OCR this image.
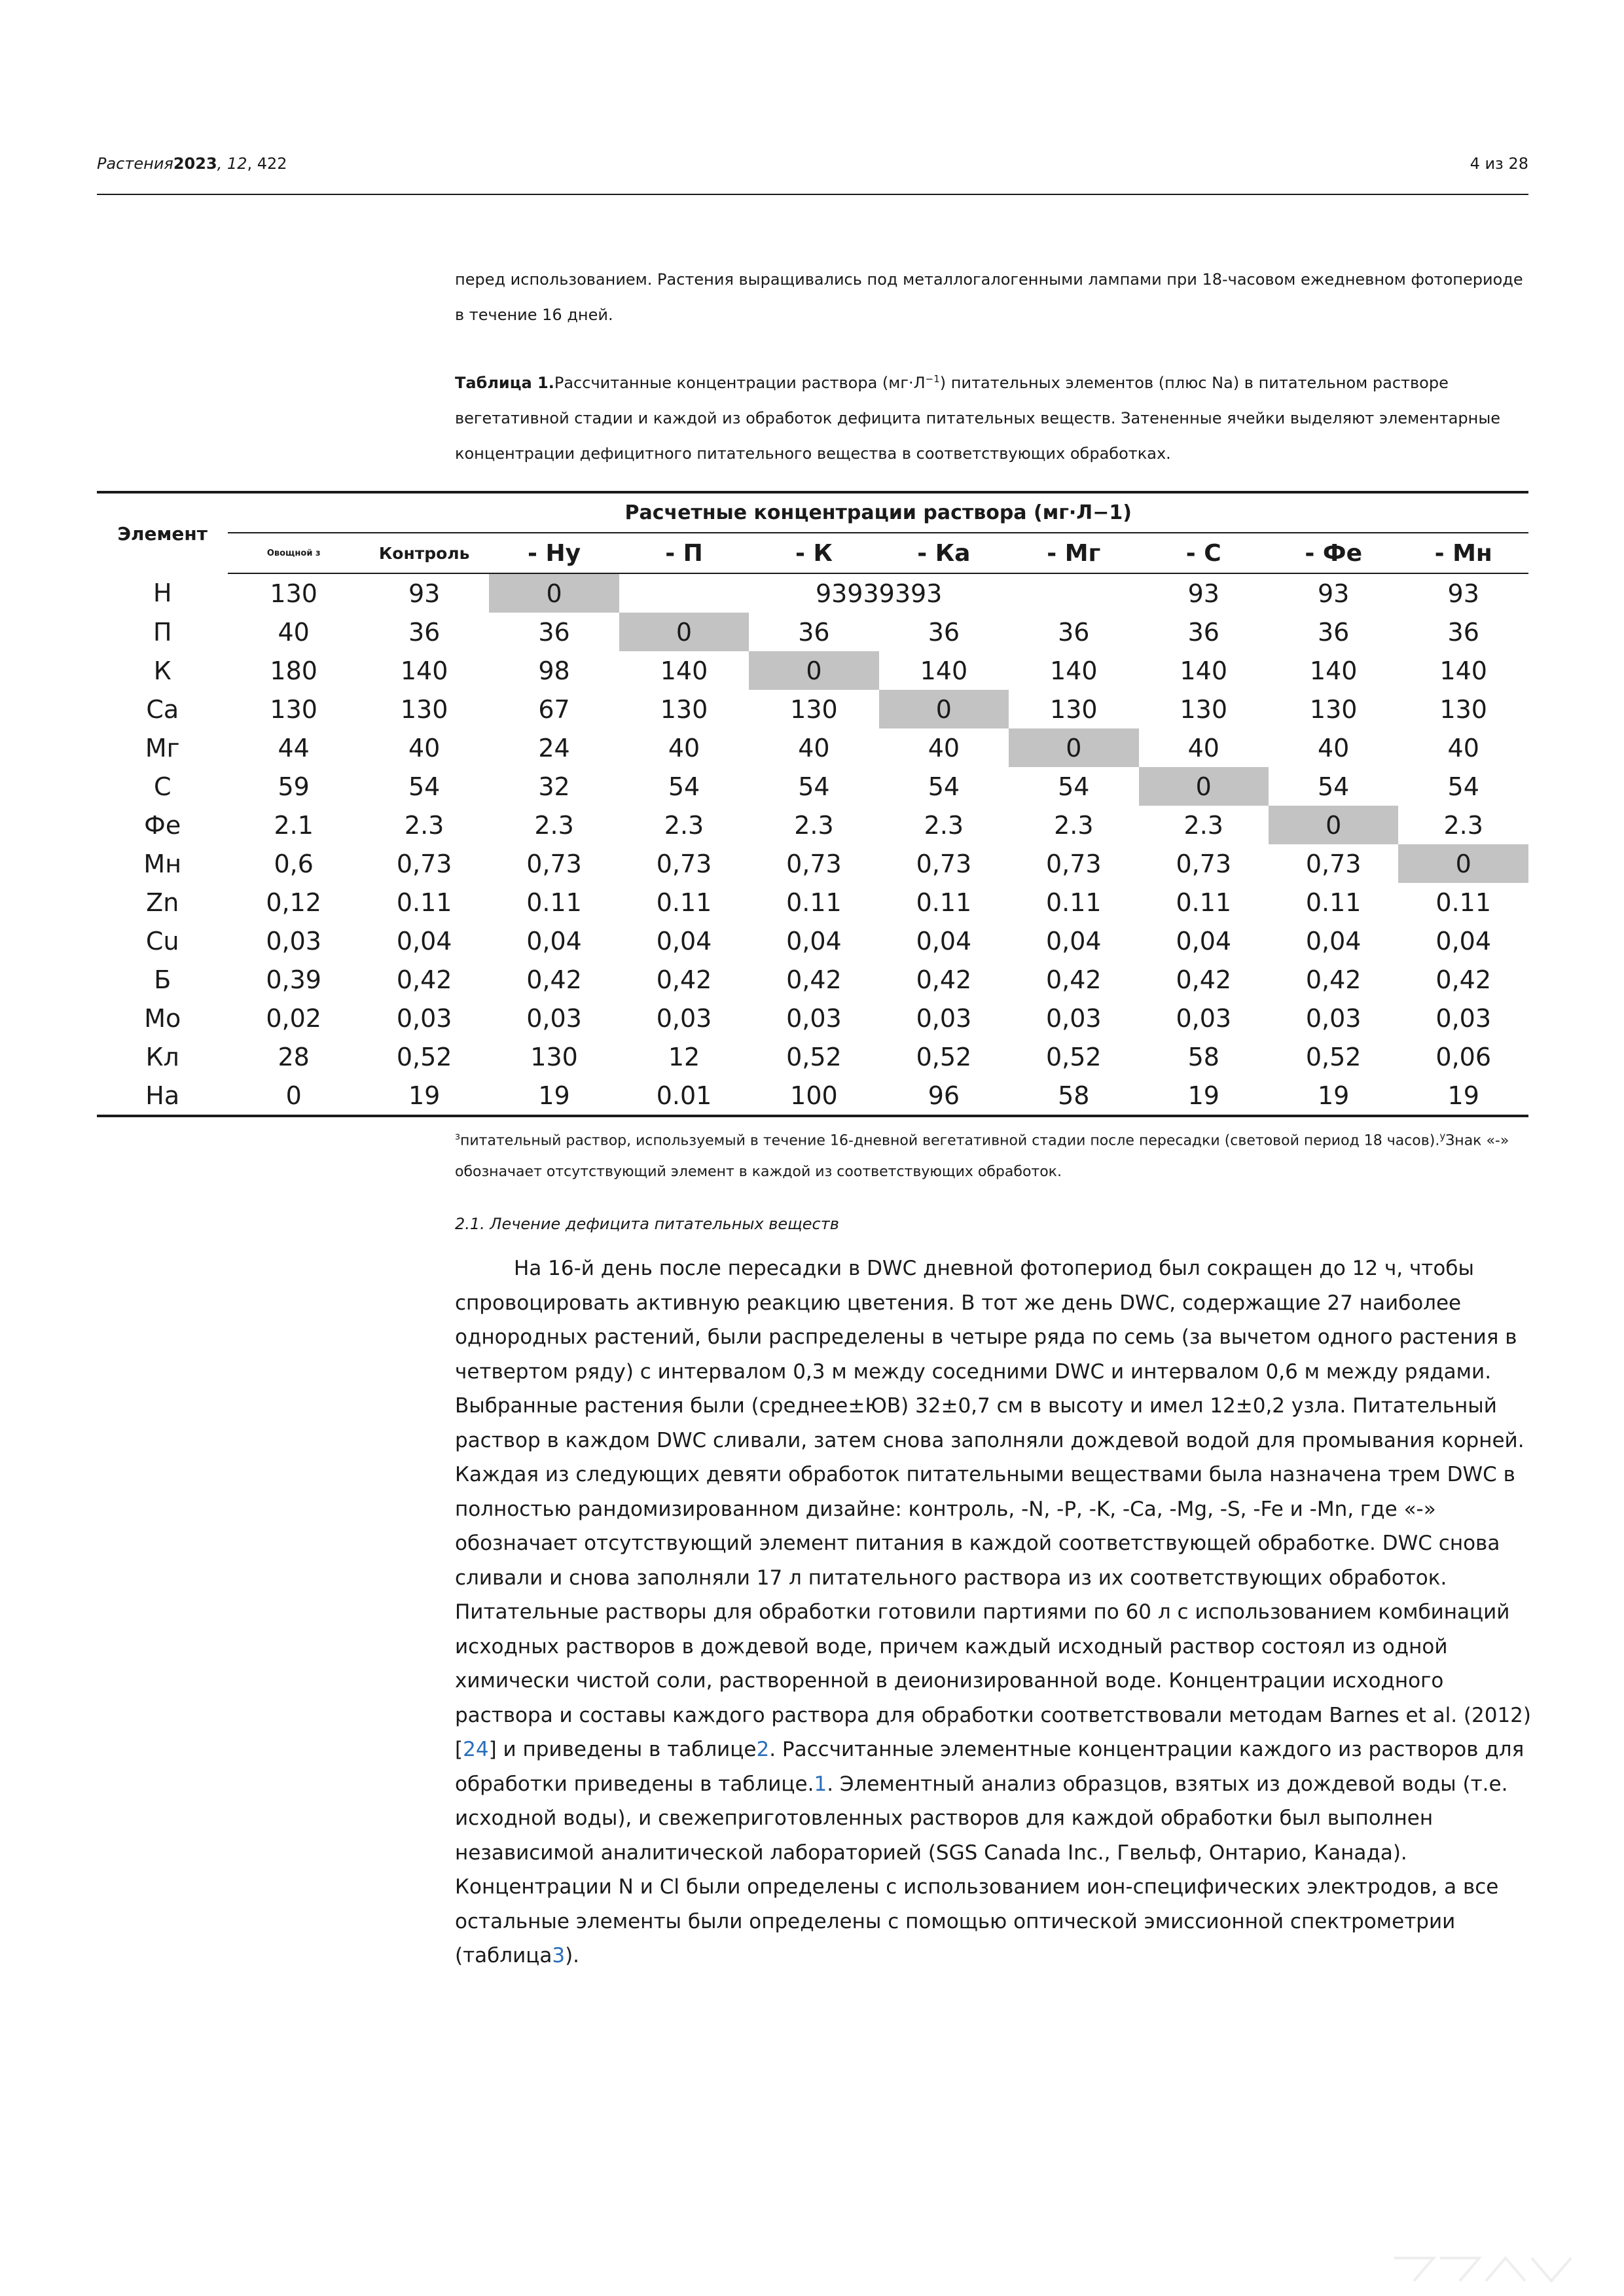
Растения2023, 12, 422	4 из 28
перед использованием. Растения выращивались под металлогалогенными лампами при 18-часовом ежедневном фотопериоде в течение 16 дней.
Таблица 1.Рассчитанные концентрации раствора $(мг\cdot Л^{-1})$ питательных элементов (плюс Na) в питательном растворе вегетативной стадии и каждой из обработок дефицита питательных веществ. Затененные ячейки выделяют элементарные концентрации дефицитного питательного вещества в соответствующих обработках.
Элемент	Расчетные концентрации раствора (мг·Л−1)									
	Овощной з	Контроль	- Ну	- П	- К	- Ка	- Мг	- С	- Фе	- Мн
Н	130	93	0	93939393				93	93	93
П	40	36	36	0	36	36	36	36	36	36
К	180	140	98	140	0	140	140	140	140	140
Ca	130	130	67	130	130	0	130	130	130	130
Мг	44	40	24	40	40	40	0	40	40	40
С	59	54	32	54	54	54	54	0	54	54
Фе	2.1	2.3	2.3	2.3	2.3	2.3	2.3	2.3	0	2.3
Мн	0,6	0,73	0,73	0,73	0,73	0,73	0,73	0,73	0,73	0
Zn	0,12	0.11	0.11	0.11	0.11	0.11	0.11	0.11	0.11	0.11
Cu	0,03	0,04	0,04	0,04	0,04	0,04	0,04	0,04	0,04	0,04
Б	0,39	0,42	0,42	0,42	0,42	0,42	0,42	0,42	0,42	0,42
Мо	0,02	0,03	0,03	0,03	0,03	0,03	0,03	0,03	0,03	0,03
Кл	28	0,52	130	12	0,52	0,52	0,52	58	0,52	0,06
На	0	19	19	0.01	100	96	58	19	19	19
$^з$питательный раствор, используемый в течение 16-дневной вегетативной стадии после пересадки (световой период 18 часов).$^у$Знак «-» обозначает отсутствующий элемент в каждой из соответствующих обработок.
2.1. Лечение дефицита питательных веществ
На 16-й день после пересадки в DWC дневной фотопериод был сокращен до 12 ч, чтобы спровоцировать активную реакцию цветения. В тот же день DWC, содержащие 27 наиболее однородных растений, были распределены в четыре ряда по семь (за вычетом одного растения в четвертом ряду) с интервалом 0,3 м между соседними DWC и интервалом 0,6 м между рядами. Выбранные растения были (среднее±ЮВ) 32±0,7 см в высоту и имел 12±0,2 узла. Питательный раствор в каждом DWC сливали, затем снова заполняли дождевой водой для промывания корней. Каждая из следующих девяти обработок питательными веществами была назначена трем DWC в полностью рандомизированном дизайне: контроль, -N, -P, -K, -Ca, -Mg, -S, -Fe и -Mn, где «-» обозначает отсутствующий элемент питания в каждой соответствующей обработке. DWC снова сливали и снова заполняли 17 л питательного раствора из их соответствующих обработок. Питательные растворы для обработки готовили партиями по 60 л с использованием комбинаций исходных растворов в дождевой воде, причем каждый исходный раствор состоял из одной химически чистой соли, растворенной в деионизированной воде. Концентрации исходного раствора и составы каждого раствора для обработки соответствовали методам Barnes et al. (2012) [24] и приведены в таблице2. Рассчитанные элементные концентрации каждого из растворов для обработки приведены в таблице.1. Элементный анализ образцов, взятых из дождевой воды (т.е. исходной воды), и свежеприготовленных растворов для каждой обработки был выполнен независимой аналитической лабораторией (SGS Canada Inc., Гвельф, Онтарио, Канада). Концентрации N и Cl были определены с использованием ион-специфических электродов, а все остальные элементы были определены с помощью оптической эмиссионной спектрометрии (таблица3).
